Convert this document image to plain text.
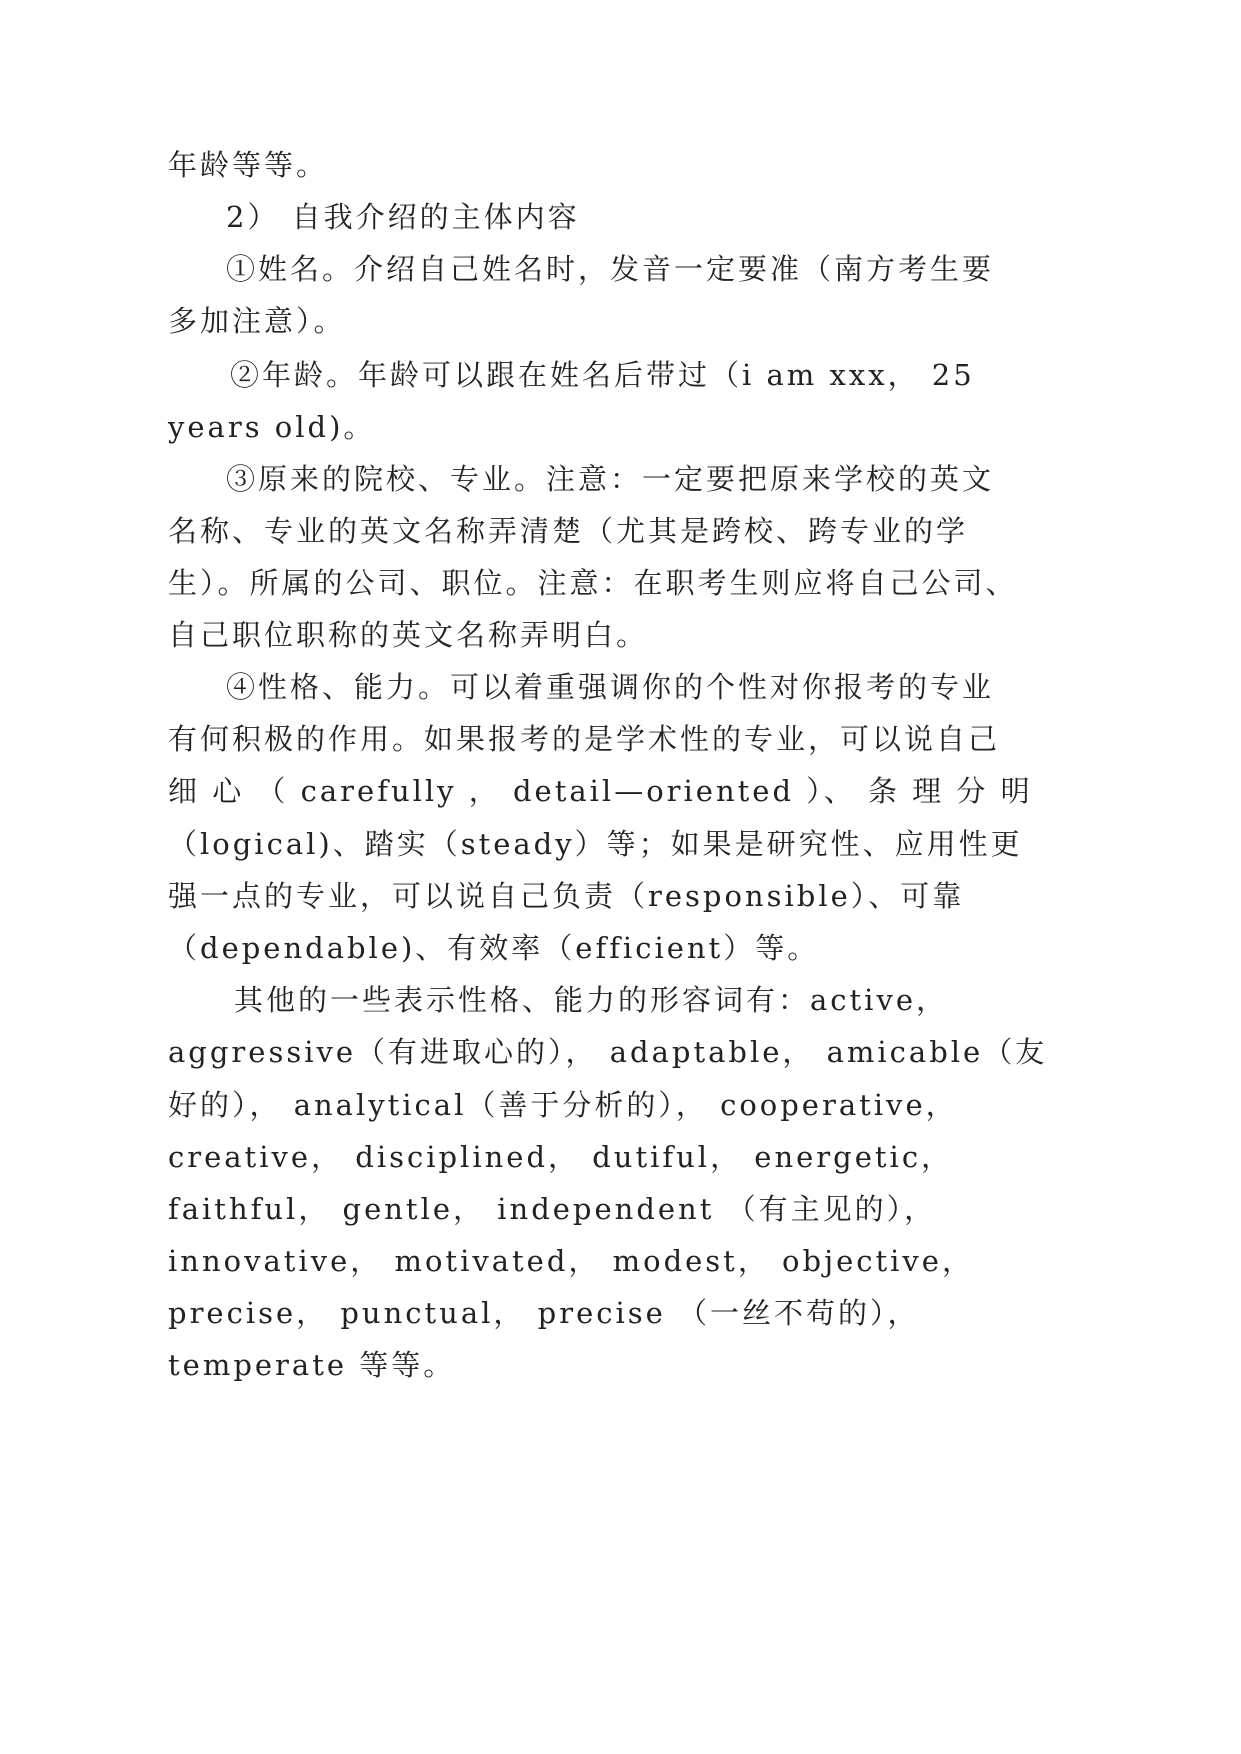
年龄等等。
2） 自我介绍的主体内容
①姓名。介绍自己姓名时，发音一定要准（南方考生要
多加注意）。
②年龄。年龄可以跟在姓名后带过（i am xxx， 25
years old)。
③原来的院校、专业。注意：一定要把原来学校的英文
名称、专业的英文名称弄清楚（尤其是跨校、跨专业的学
生）。所属的公司、职位。注意：在职考生则应将自己公司、
自己职位职称的英文名称弄明白。
④性格、能力。可以着重强调你的个性对你报考的专业
有何积极的作用。如果报考的是学术性的专业，可以说自己
细 心 （ carefully ， detail—oriented ）、 条 理 分 明
（logical)、踏实（steady）等；如果是研究性、应用性更
强一点的专业，可以说自己负责（responsible）、可靠
（dependable)、有效率（efficient）等。
其他的一些表示性格、能力的形容词有：active，
aggressive（有进取心的）， adaptable， amicable（友
好的）， analytical（善于分析的）， cooperative，
creative， disciplined， dutiful， energetic，
faithful， gentle， independent （有主见的），
innovative， motivated， modest， objective，
precise， punctual， precise （一丝不苟的），
temperate 等等。
